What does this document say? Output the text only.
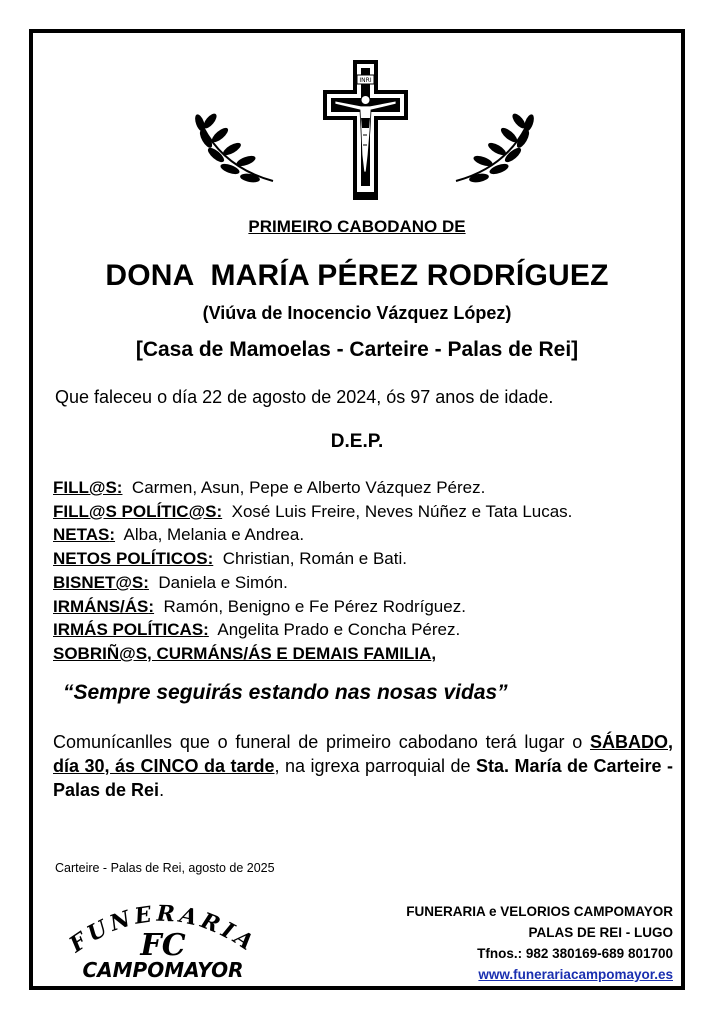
INRI
PRIMEIRO CABODANO DE
DONA  MARÍA PÉREZ RODRÍGUEZ
(Viúva de Inocencio Vázquez López)
[Casa de Mamoelas - Carteire - Palas de Rei]
Que faleceu o día 22 de agosto de 2024, ós 97 anos de idade.
D.E.P.
FILL@S:  Carmen, Asun, Pepe e Alberto Vázquez Pérez.
FILL@S POLÍTIC@S:  Xosé Luis Freire, Neves Núñez e Tata Lucas.
NETAS:  Alba, Melania e Andrea.
NETOS POLÍTICOS:  Christian, Román e Bati.
BISNET@S:  Daniela e Simón.
IRMÁNS/ÁS:  Ramón, Benigno e Fe Pérez Rodríguez.
IRMÁS POLÍTICAS:  Angelita Prado e Concha Pérez.
SOBRIÑ@S, CURMÁNS/ÁS E DEMAIS FAMILIA,
“Sempre seguirás estando nas nosas vidas”
Comunícanlles que o funeral de primeiro cabodano terá lugar o SÁBADO, día 30, ás CINCO da tarde, na igrexa parroquial de Sta. María de Carteire - Palas de Rei.
Carteire - Palas de Rei, agosto de 2025
FUNERARIA
FC
CAMPOMAYOR
FUNERARIA e VELORIOS CAMPOMAYOR
PALAS DE REI - LUGO
Tfnos.: 982 380169-689 801700
www.funerariacampomayor.es
